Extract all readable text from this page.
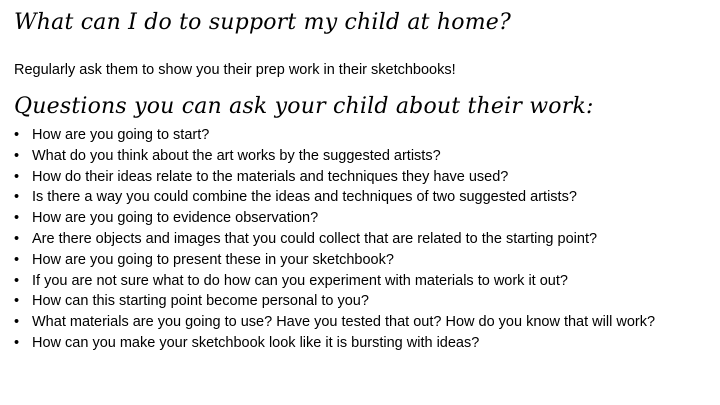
What can I do to support my child at home?
Regularly ask them to show you their prep work in their sketchbooks!
Questions you can ask your child about their work:
• How are you going to start?
• What do you think about the art works by the suggested artists?
• How do their ideas relate to the materials and techniques they have used?
• Is there a way you could combine the ideas and techniques of two suggested artists?
• How are you going to evidence observation?
• Are there objects and images that you could collect that are related to the starting point?
• How are you going to present these in your sketchbook?
• If you are not sure what to do how can you experiment with materials to work it out?
• How can this starting point become personal to you?
• What materials are you going to use? Have you tested that out? How do you know that will work?
• How can you make your sketchbook look like it is bursting with ideas?
